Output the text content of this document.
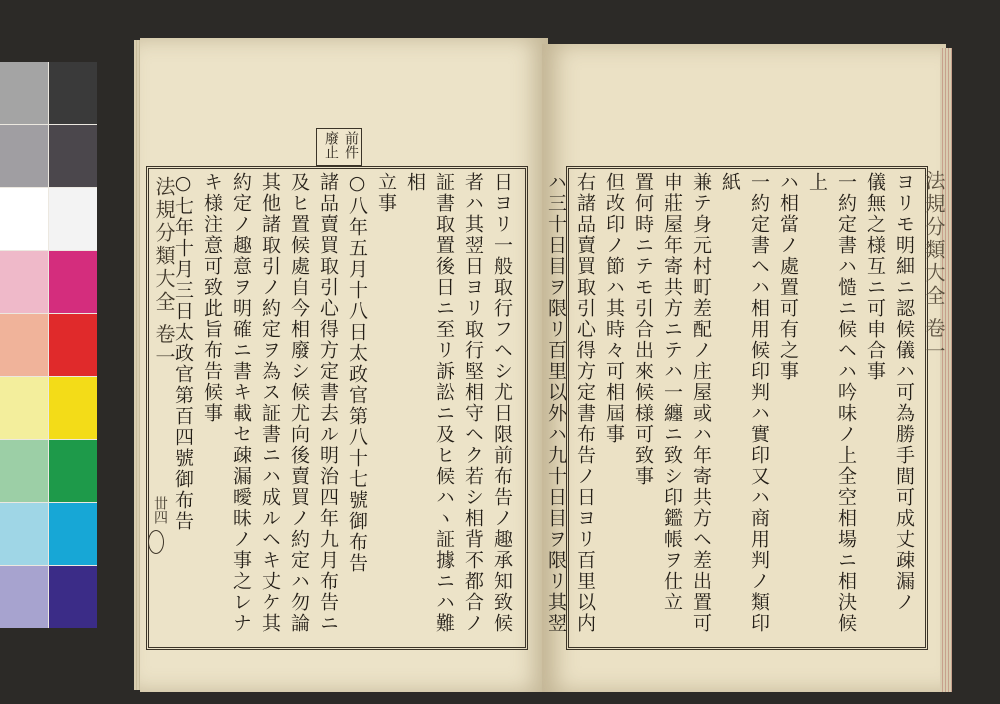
前件
廢止
法規分類大全 卷一
丗四
法規分類大全 卷一
日ヨリ一般取行フヘシ尤日限前布告ノ趣承知致候
者ハ其翌日ヨリ取行堅相守ヘク若シ相背不都合ノ
証書取置後日ニ至リ訴訟ニ及ヒ候ハヽ証據ニハ難相
立事
○八年五月十八日太政官第八十七號御布告
諸品賣買取引心得方定書去ル明治四年九月布告ニ
及ヒ置候處自今相廢シ候尤向後賣買ノ約定ハ勿論
其他諸取引ノ約定ヲ為ス証書ニハ成ルヘキ丈ケ其
約定ノ趣意ヲ明確ニ書キ載セ疎漏曖昧ノ事之レナ
キ様注意可致此旨布告候事
○七年十月三日太政官第百四號御布告	ヨリモ明細ニ認候儀ハ可為勝手間可成丈疎漏ノ
儀無之様互ニ可申合事
一約定書ハ慥ニ候ヘハ吟味ノ上全空相場ニ相決候上
ハ相當ノ處置可有之事
一約定書ヘハ相用候印判ハ實印又ハ商用判ノ類印紙
兼テ身元村町差配ノ庄屋或ハ年寄共方ヘ差出置可
申莊屋年寄共方ニテハ一纏ニ致シ印鑑帳ヲ仕立
置何時ニテモ引合出來候様可致事
但改印ノ節ハ其時々可相屆事
右諸品賣買取引心得方定書布告ノ日ヨリ百里以内
ハ三十日目ヲ限リ百里以外ハ九十日目ヲ限リ其翌
